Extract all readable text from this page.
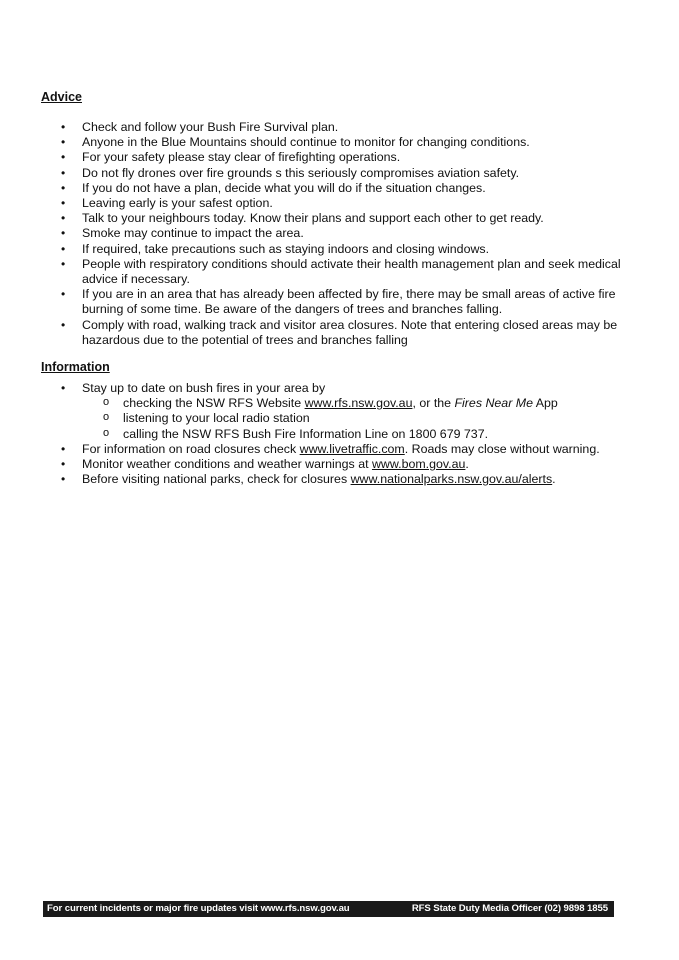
Advice
• Check and follow your Bush Fire Survival plan.
• Anyone in the Blue Mountains should continue to monitor for changing conditions.
• For your safety please stay clear of firefighting operations.
• Do not fly drones over fire grounds s this seriously compromises aviation safety.
• If you do not have a plan, decide what you will do if the situation changes.
• Leaving early is your safest option.
• Talk to your neighbours today. Know their plans and support each other to get ready.
• Smoke may continue to impact the area.
• If required, take precautions such as staying indoors and closing windows.
• People with respiratory conditions should activate their health management plan and seek medical advice if necessary.
• If you are in an area that has already been affected by fire, there may be small areas of active fire burning of some time. Be aware of the dangers of trees and branches falling.
• Comply with road, walking track and visitor area closures. Note that entering closed areas may be hazardous due to the potential of trees and branches falling
Information
• Stay up to date on bush fires in your area by
o checking the NSW RFS Website www.rfs.nsw.gov.au, or the Fires Near Me App
o listening to your local radio station
o calling the NSW RFS Bush Fire Information Line on 1800 679 737.
• For information on road closures check www.livetraffic.com. Roads may close without warning.
• Monitor weather conditions and weather warnings at www.bom.gov.au.
• Before visiting national parks, check for closures www.nationalparks.nsw.gov.au/alerts.
For current incidents or major fire updates visit www.rfs.nsw.gov.au	RFS State Duty Media Officer (02) 9898 1855
